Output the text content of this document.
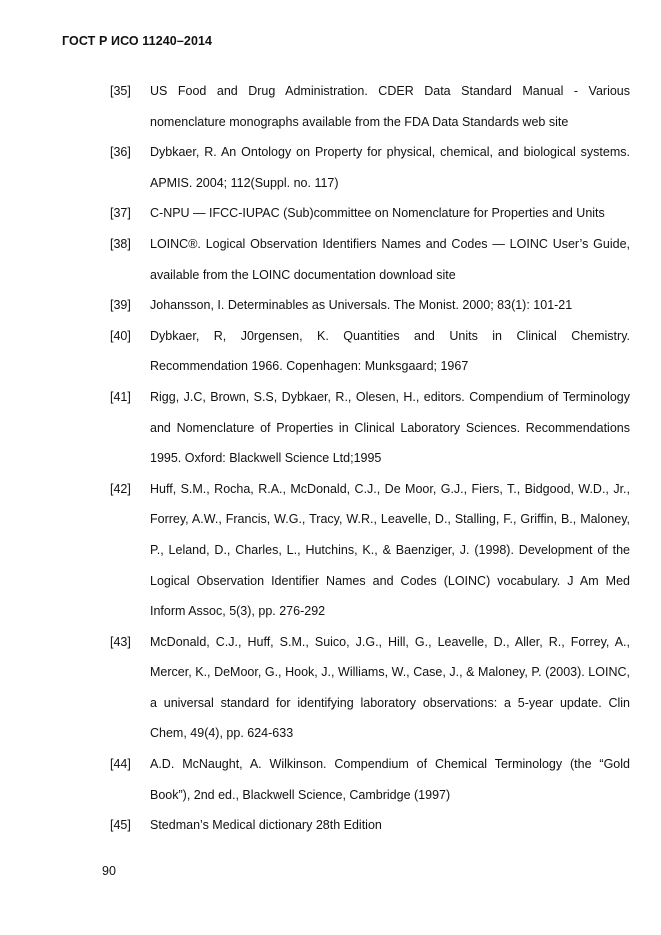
ГОСТ Р ИСО 11240–2014
[35]	US Food and Drug Administration. CDER Data Standard Manual - Various nomenclature monographs available from the FDA Data Standards web site
[36]	Dybkaer, R. An Ontology on Property for physical, chemical, and biological systems. APMIS. 2004; 112(Suppl. no. 117)
[37]	C-NPU — IFCC-IUPAC (Sub)committee on Nomenclature for Properties and Units
[38]	LOINC®. Logical Observation Identifiers Names and Codes — LOINC User’s Guide, available from the LOINC documentation download site
[39]	Johansson, I. Determinables as Universals. The Monist. 2000; 83(1): 101-21
[40]	Dybkaer, R, J0rgensen, K. Quantities and Units in Clinical Chemistry. Recommendation 1966. Copenhagen: Munksgaard; 1967
[41]	Rigg, J.C, Brown, S.S, Dybkaer, R., Olesen, H., editors. Compendium of Terminology and Nomenclature of Properties in Clinical Laboratory Sciences. Recommendations 1995. Oxford: Blackwell Science Ltd;1995
[42]	Huff, S.M., Rocha, R.A., McDonald, C.J., De Moor, G.J., Fiers, T., Bidgood, W.D., Jr., Forrey, A.W., Francis, W.G., Tracy, W.R., Leavelle, D., Stalling, F., Griffin, B., Maloney, P., Leland, D., Charles, L., Hutchins, K., & Baenziger, J. (1998). Development of the Logical Observation Identifier Names and Codes (LOINC) vocabulary. J Am Med Inform Assoc, 5(3), pp. 276-292
[43]	McDonald, C.J., Huff, S.M., Suico, J.G., Hill, G., Leavelle, D., Aller, R., Forrey, A., Mercer, K., DeMoor, G., Hook, J., Williams, W., Case, J., & Maloney, P. (2003). LOINC, a universal standard for identifying laboratory observations: a 5-year update. Clin Chem, 49(4), pp. 624-633
[44]	A.D. McNaught, A. Wilkinson. Compendium of Chemical Terminology (the “Gold Book”), 2nd ed., Blackwell Science, Cambridge (1997)
[45]	Stedman’s Medical dictionary 28th Edition
90
